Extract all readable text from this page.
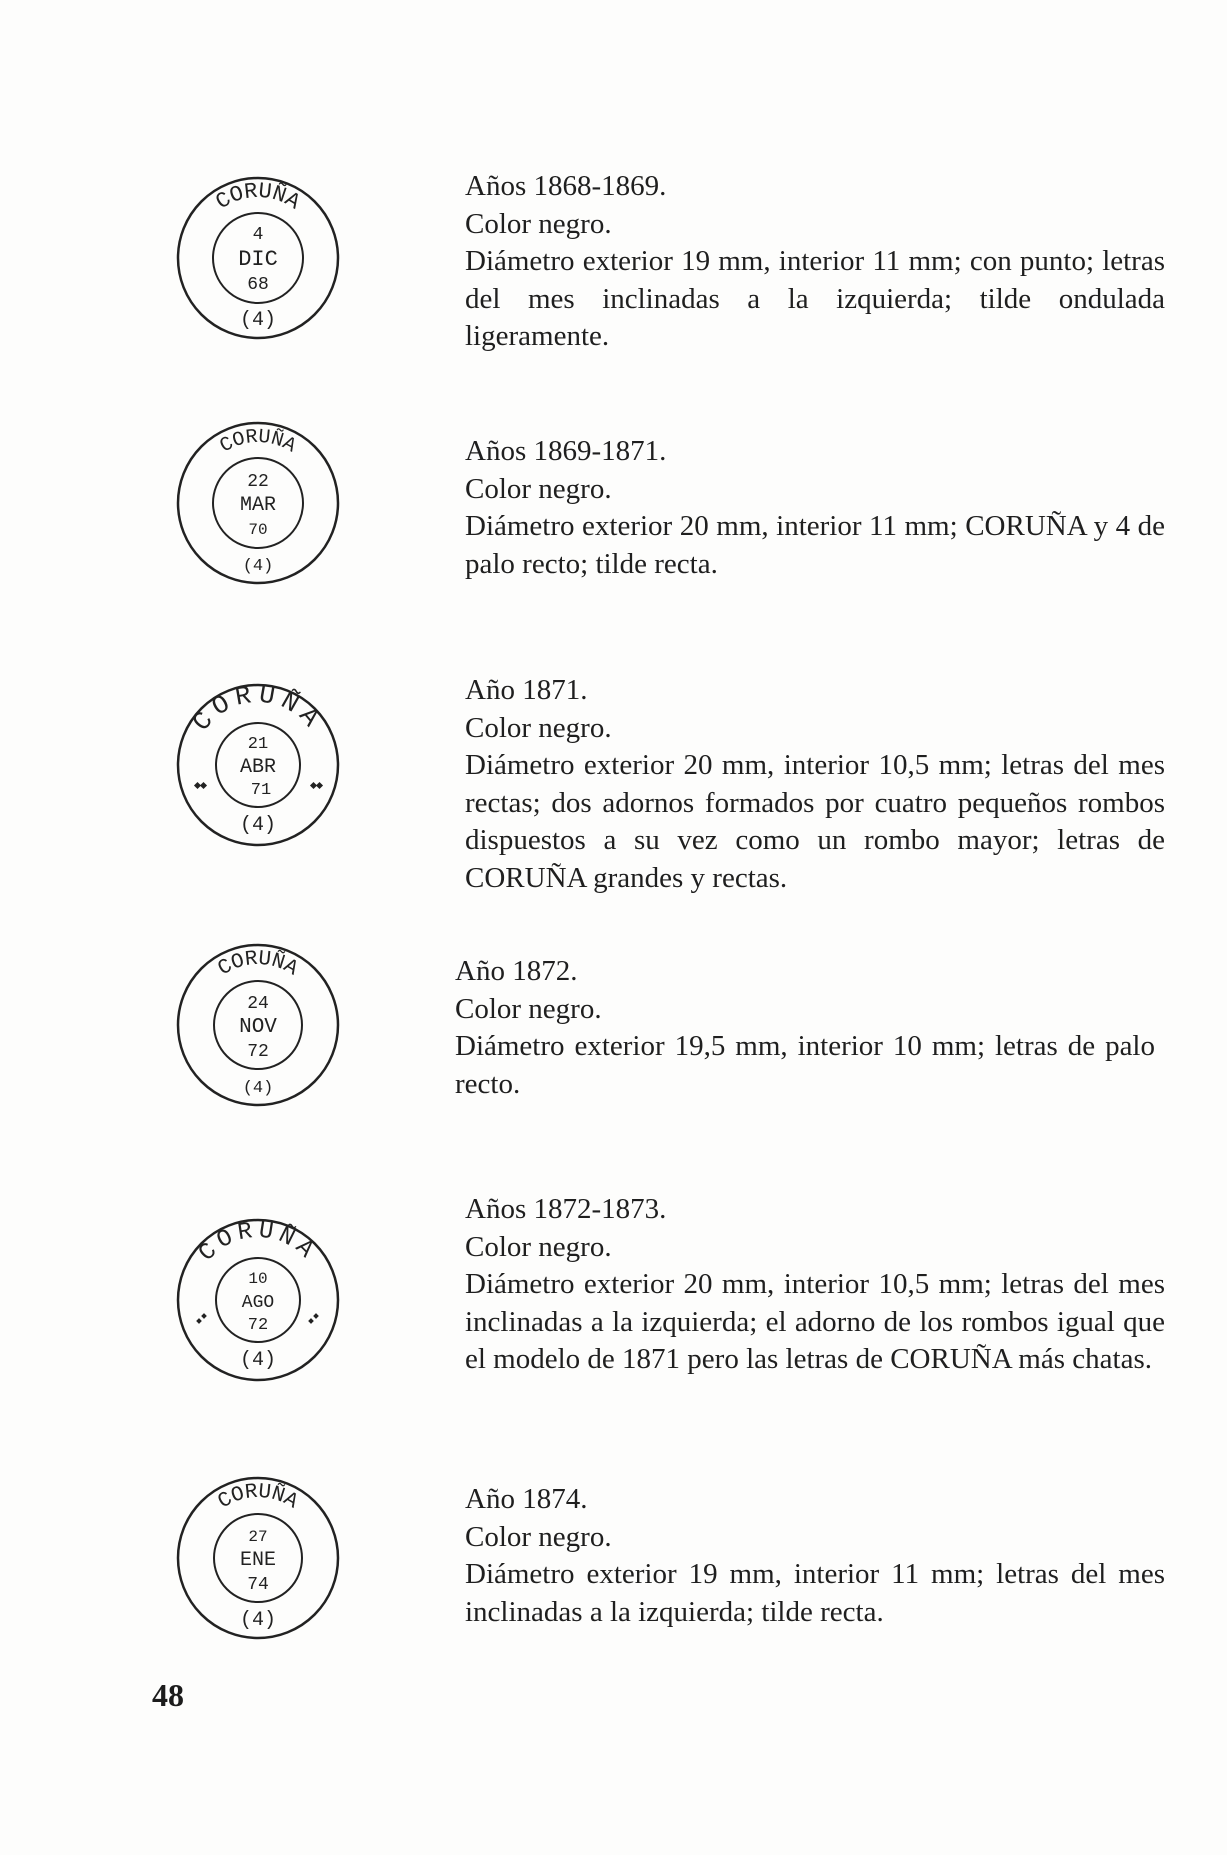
CORUÑA
4
DIC
68
(4)
Años 1868-1869.
Color negro.
Diámetro exterior 19 mm, interior 11 mm; con punto; letras del mes inclinadas a la izquierda; tilde ondulada ligeramente.
CORUÑA
22
MAR
70
(4)
Años 1869-1871.
Color negro.
Diámetro exterior 20 mm, interior 11 mm; CORUÑA y 4 de palo recto; tilde recta.
CORUÑA
21
ABR
71
(4)
Año 1871.
Color negro.
Diámetro exterior 20 mm, interior 10,5 mm; letras del mes rectas; dos adornos formados por cuatro pequeños rombos dispuestos a su vez como un rombo mayor; letras de CORUÑA grandes y rectas.
CORUÑA
24
NOV
72
(4)
Año 1872.
Color negro.
Diámetro exterior 19,5 mm, interior 10 mm; letras de palo recto.
CORUÑA
10
AGO
72
(4)
Años 1872-1873.
Color negro.
Diámetro exterior 20 mm, interior 10,5 mm; letras del mes inclinadas a la izquierda; el adorno de los rombos igual que el modelo de 1871 pero las letras de CORUÑA más chatas.
CORUÑA
27
ENE
74
(4)
Año 1874.
Color negro.
Diámetro exterior 19 mm, interior 11 mm; letras del mes inclinadas a la izquierda; tilde recta.
48
